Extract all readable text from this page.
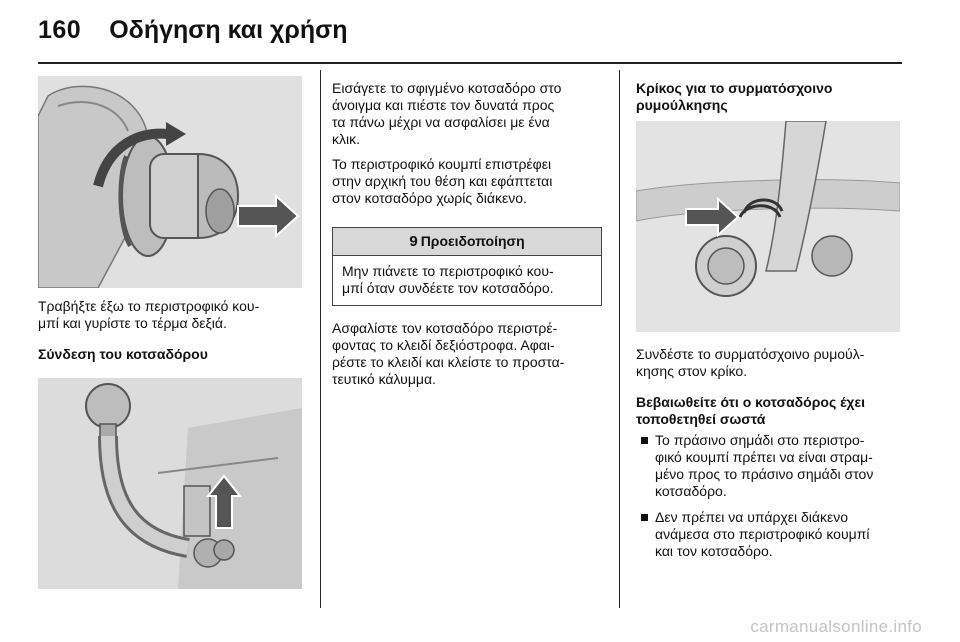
160 Οδήγηση και χρήση

Τραβήξτε έξω το περιστροφικό κου-
μπί και γυρίστε το τέρμα δεξιά.

Σύνδεση του κοτσαδόρου

Εισάγετε το σφιγμένο κοτσαδόρο στο
άνοιγμα και πιέστε τον δυνατά προς
τα πάνω μέχρι να ασφαλίσει με ένα
κλικ.

Το περιστροφικό κουμπί επιστρέφει
στην αρχική του θέση και εφάπτεται
στον κοτσαδόρο χωρίς διάκενο.

9 Προειδοποίηση
Μην πιάνετε το περιστροφικό κου-
μπί όταν συνδέετε τον κοτσαδόρο.

Ασφαλίστε τον κοτσαδόρο περιστρέ-
φοντας το κλειδί δεξιόστροφα. Αφαι-
ρέστε το κλειδί και κλείστε το προστα-
τευτικό κάλυμμα.

Κρίκος για το συρματόσχοινο
ρυμούλκησης

Συνδέστε το συρματόσχοινο ρυμούλ-
κησης στον κρίκο.

Βεβαιωθείτε ότι ο κοτσαδόρος έχει
τοποθετηθεί σωστά

Το πράσινο σημάδι στο περιστρο-
φικό κουμπί πρέπει να είναι στραμ-
μένο προς το πράσινο σημάδι στον
κοτσαδόρο.
Δεν πρέπει να υπάρχει διάκενο
ανάμεσα στο περιστροφικό κουμπί
και τον κοτσαδόρο.
carmanualsonline.info
